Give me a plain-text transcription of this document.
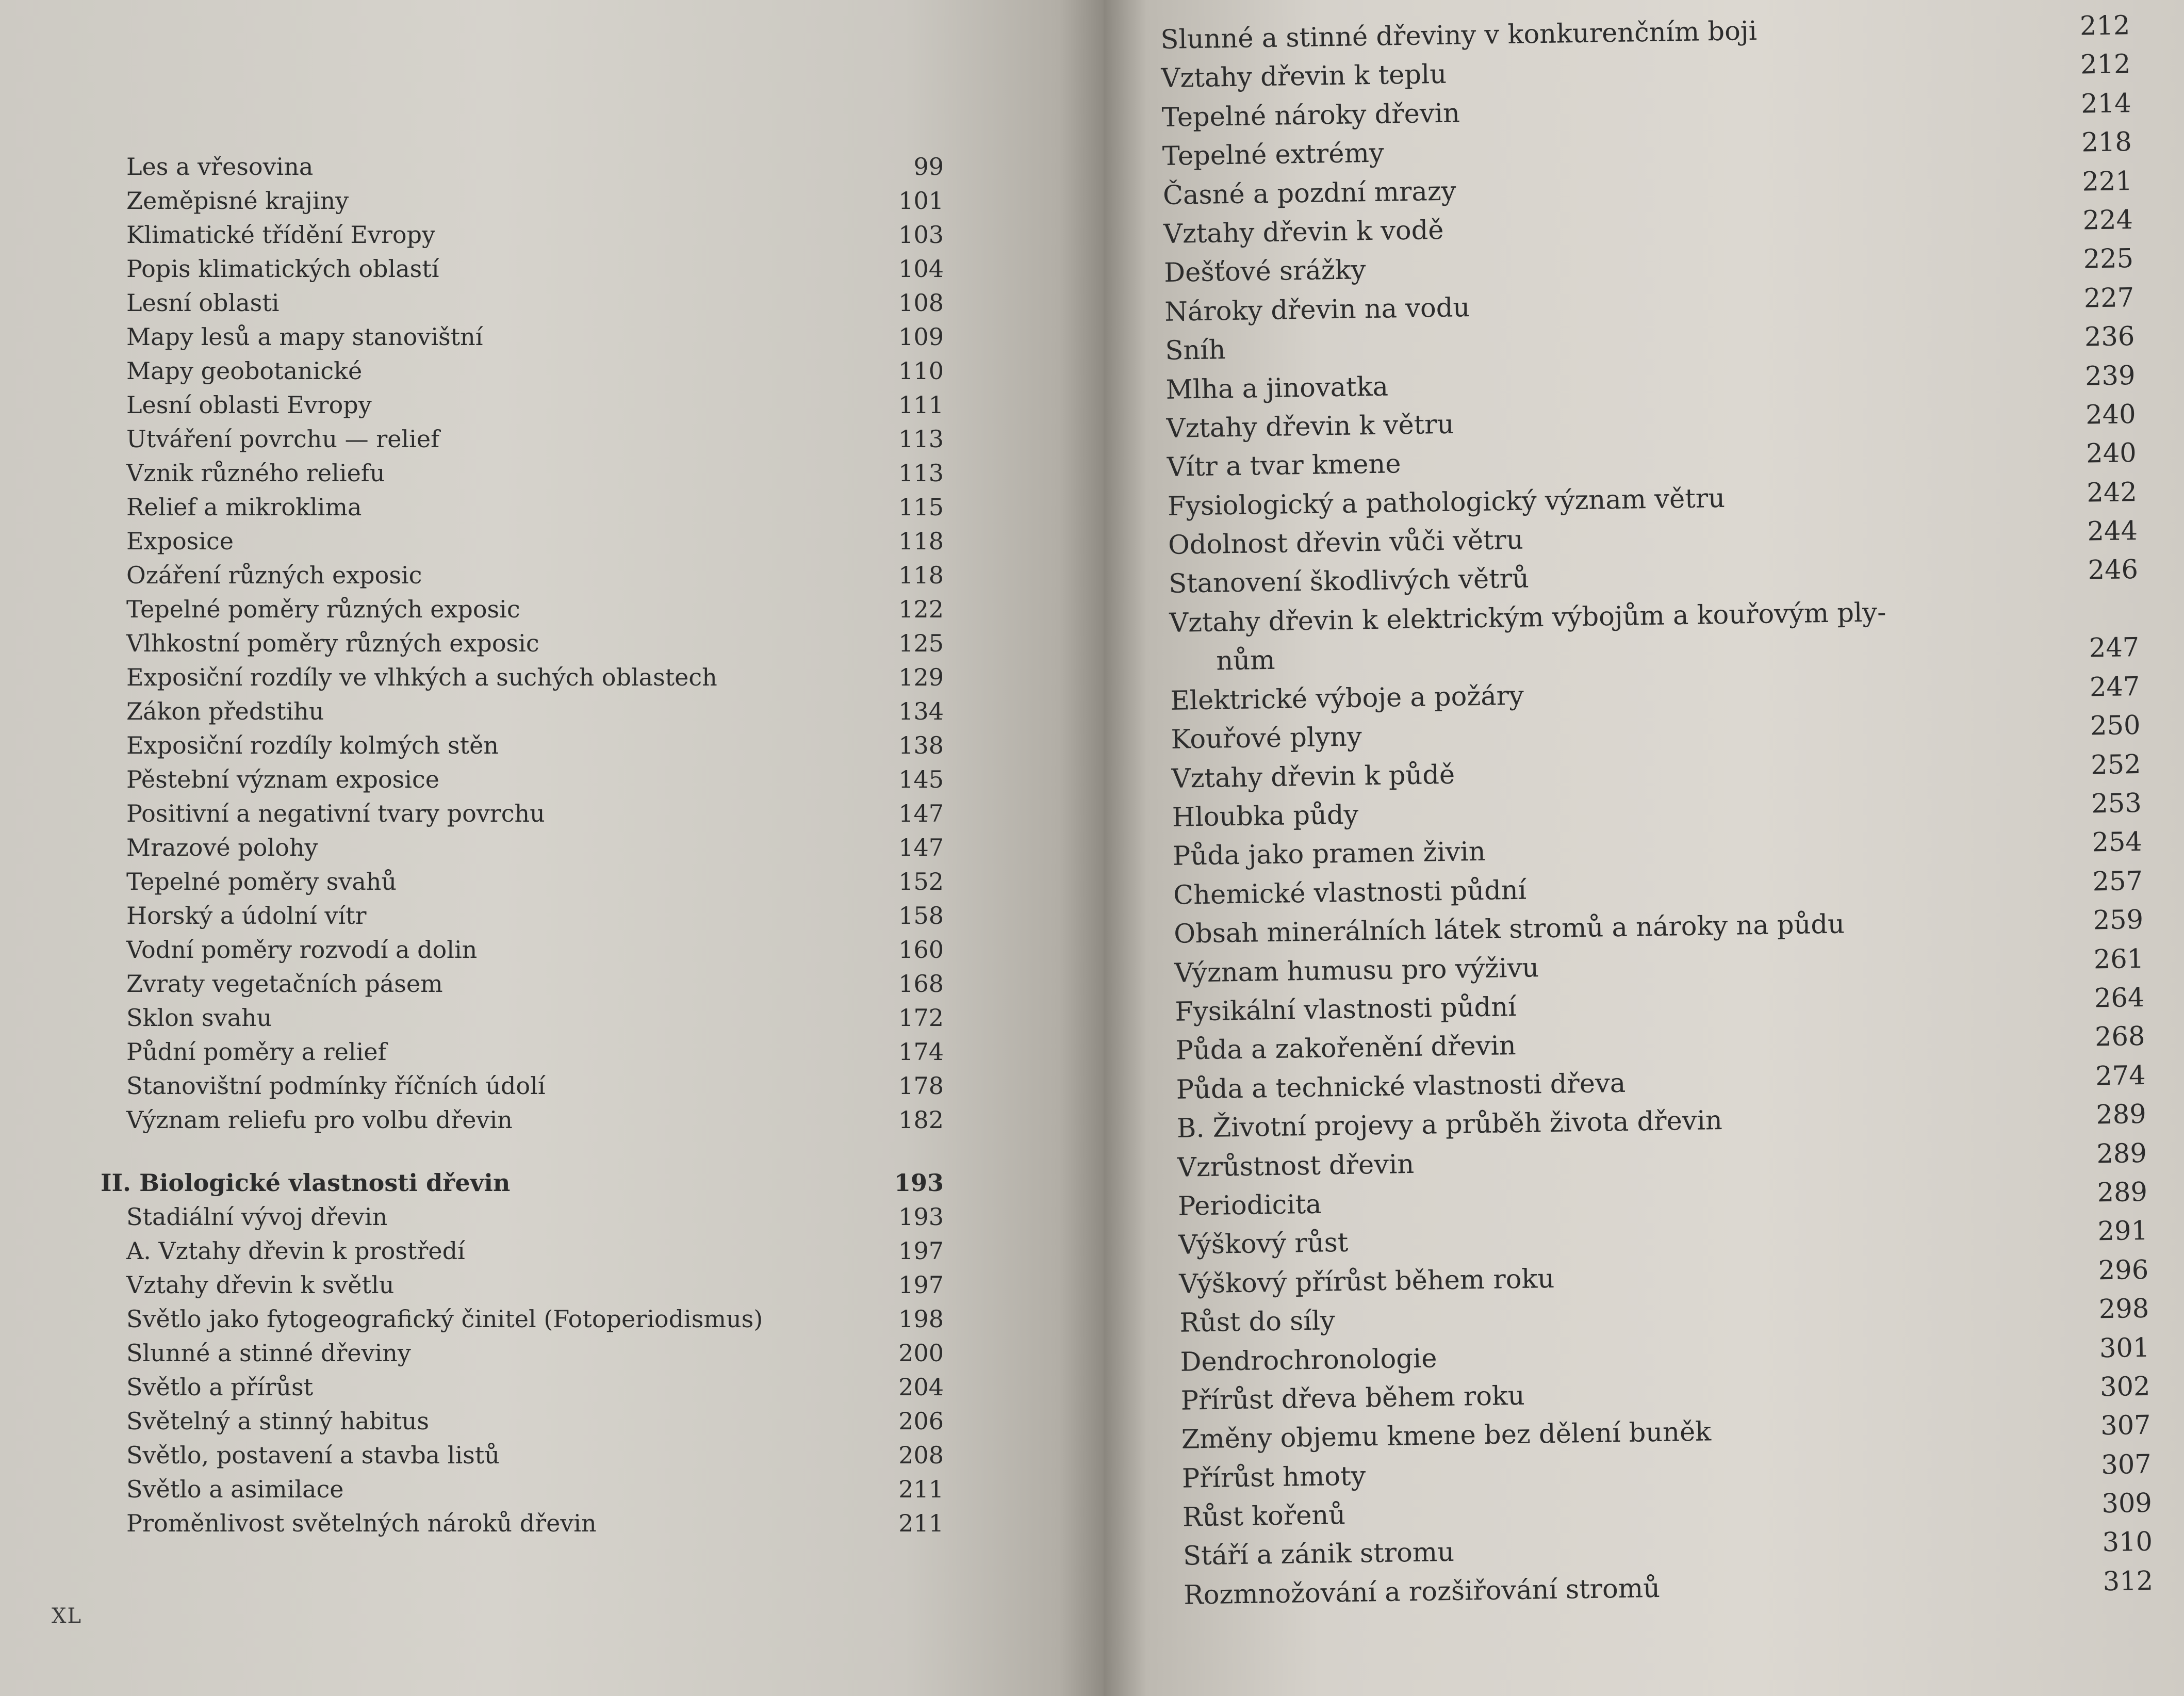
Les a vřesovina	99
Zeměpisné krajiny	101
Klimatické třídění Evropy	103
Popis klimatických oblastí	104
Lesní oblasti	108
Mapy lesů a mapy stanovištní	109
Mapy geobotanické	110
Lesní oblasti Evropy	111
Utváření povrchu — relief	113
Vznik různého reliefu	113
Relief a mikroklima	115
Exposice	118
Ozáření různých exposic	118
Tepelné poměry různých exposic	122
Vlhkostní poměry různých exposic	125
Exposiční rozdíly ve vlhkých a suchých oblastech	129
Zákon předstihu	134
Exposiční rozdíly kolmých stěn	138
Pěstební význam exposice	145
Positivní a negativní tvary povrchu	147
Mrazové polohy	147
Tepelné poměry svahů	152
Horský a údolní vítr	158
Vodní poměry rozvodí a dolin	160
Zvraty vegetačních pásem	168
Sklon svahu	172
Půdní poměry a relief	174
Stanovištní podmínky říčních údolí	178
Význam reliefu pro volbu dřevin	182
II. Biologické vlastnosti dřevin	193
Stadiální vývoj dřevin	193
A. Vztahy dřevin k prostředí	197
Vztahy dřevin k světlu	197
Světlo jako fytogeografický činitel (Fotoperiodismus)	198
Slunné a stinné dřeviny	200
Světlo a přírůst	204
Světelný a stinný habitus	206
Světlo, postavení a stavba listů	208
Světlo a asimilace	211
Proměnlivost světelných nároků dřevin	211
XL
Slunné a stinné dřeviny v konkurenčním boji	212
Vztahy dřevin k teplu	212
Tepelné nároky dřevin	214
Tepelné extrémy	218
Časné a pozdní mrazy	221
Vztahy dřevin k vodě	224
Dešťové srážky	225
Nároky dřevin na vodu	227
Sníh	236
Mlha a jinovatka	239
Vztahy dřevin k větru	240
Vítr a tvar kmene	240
Fysiologický a pathologický význam větru	242
Odolnost dřevin vůči větru	244
Stanovení škodlivých větrů	246
Vztahy dřevin k elektrickým výbojům a kouřovým ply-
nům	247
Elektrické výboje a požáry	247
Kouřové plyny	250
Vztahy dřevin k půdě	252
Hloubka půdy	253
Půda jako pramen živin	254
Chemické vlastnosti půdní	257
Obsah minerálních látek stromů a nároky na půdu	259
Význam humusu pro výživu	261
Fysikální vlastnosti půdní	264
Půda a zakořenění dřevin	268
Půda a technické vlastnosti dřeva	274
B. Životní projevy a průběh života dřevin	289
Vzrůstnost dřevin	289
Periodicita	289
Výškový růst	291
Výškový přírůst během roku	296
Růst do síly	298
Dendrochronologie	301
Přírůst dřeva během roku	302
Změny objemu kmene bez dělení buněk	307
Přírůst hmoty	307
Růst kořenů	309
Stáří a zánik stromu	310
Rozmnožování a rozšiřování stromů	312
